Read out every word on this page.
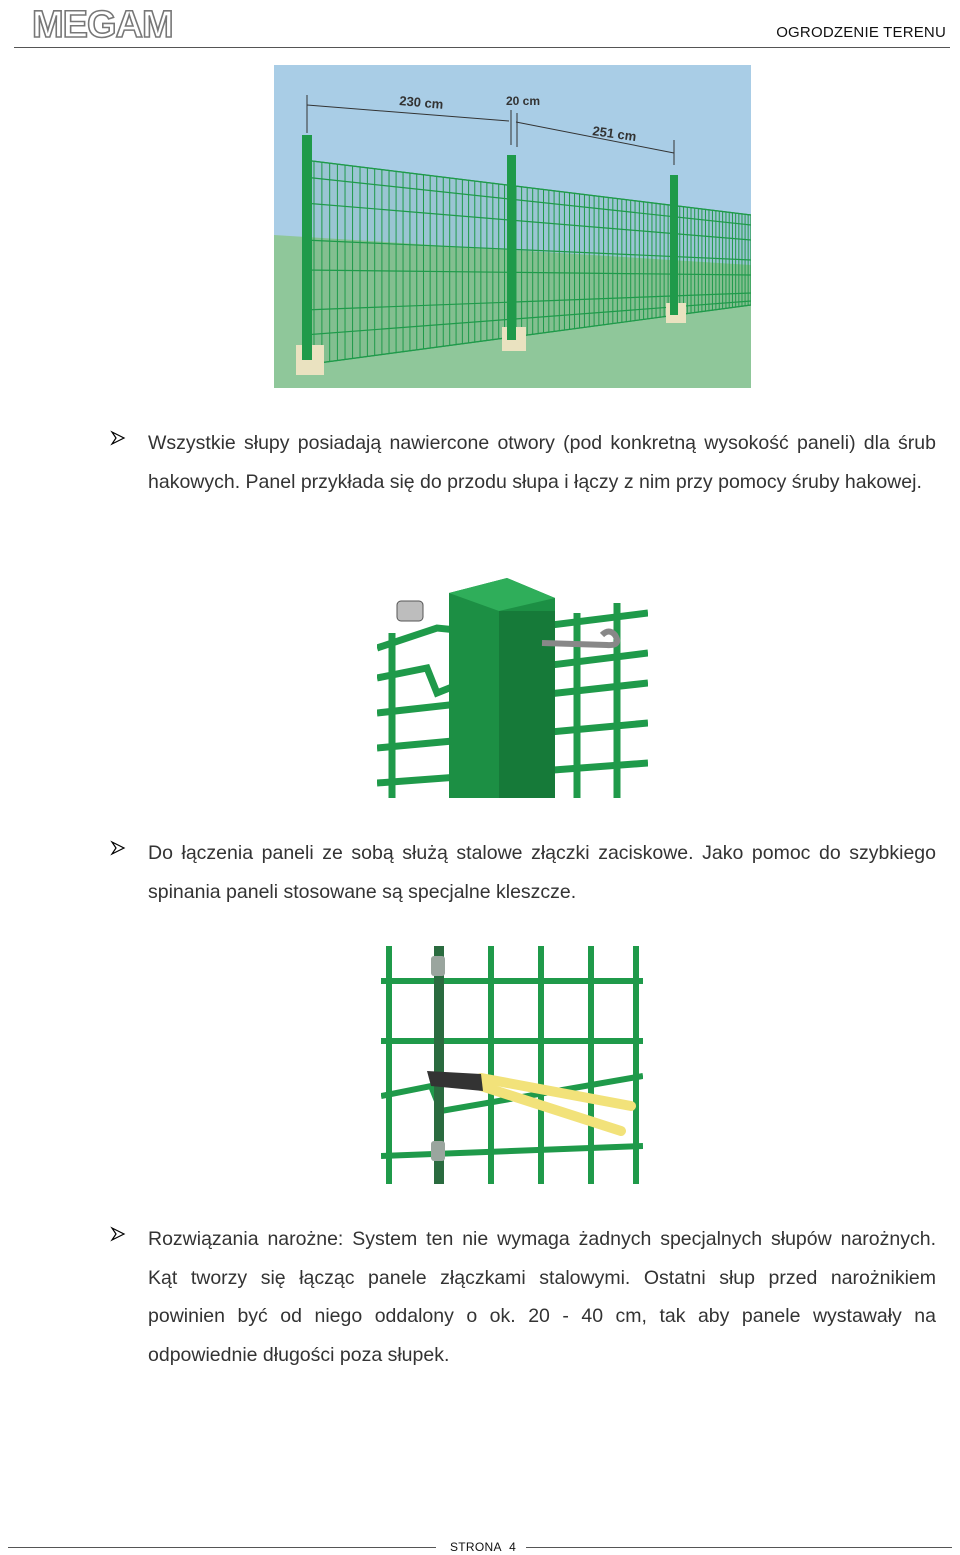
MEGAM	OGRODZENIE TERENU
230 cm	20 cm
251 cm
Wszystkie słupy posiadają nawiercone otwory (pod konkretną wysokość paneli) dla śrub hakowych. Panel przykłada się do przodu słupa i łączy z nim przy pomocy śruby hakowej.
Do łączenia paneli ze sobą służą stalowe złączki zaciskowe. Jako pomoc do szybkiego spinania paneli stosowane są specjalne kleszcze.
Rozwiązania narożne: System ten nie wymaga żadnych specjalnych słupów narożnych. Kąt tworzy się łącząc panele złączkami stalowymi. Ostatni słup przed narożnikiem powinien być od niego oddalony o ok. 20 - 40 cm, tak aby panele wystawały na odpowiednie długości poza słupek.
STRONA 4
